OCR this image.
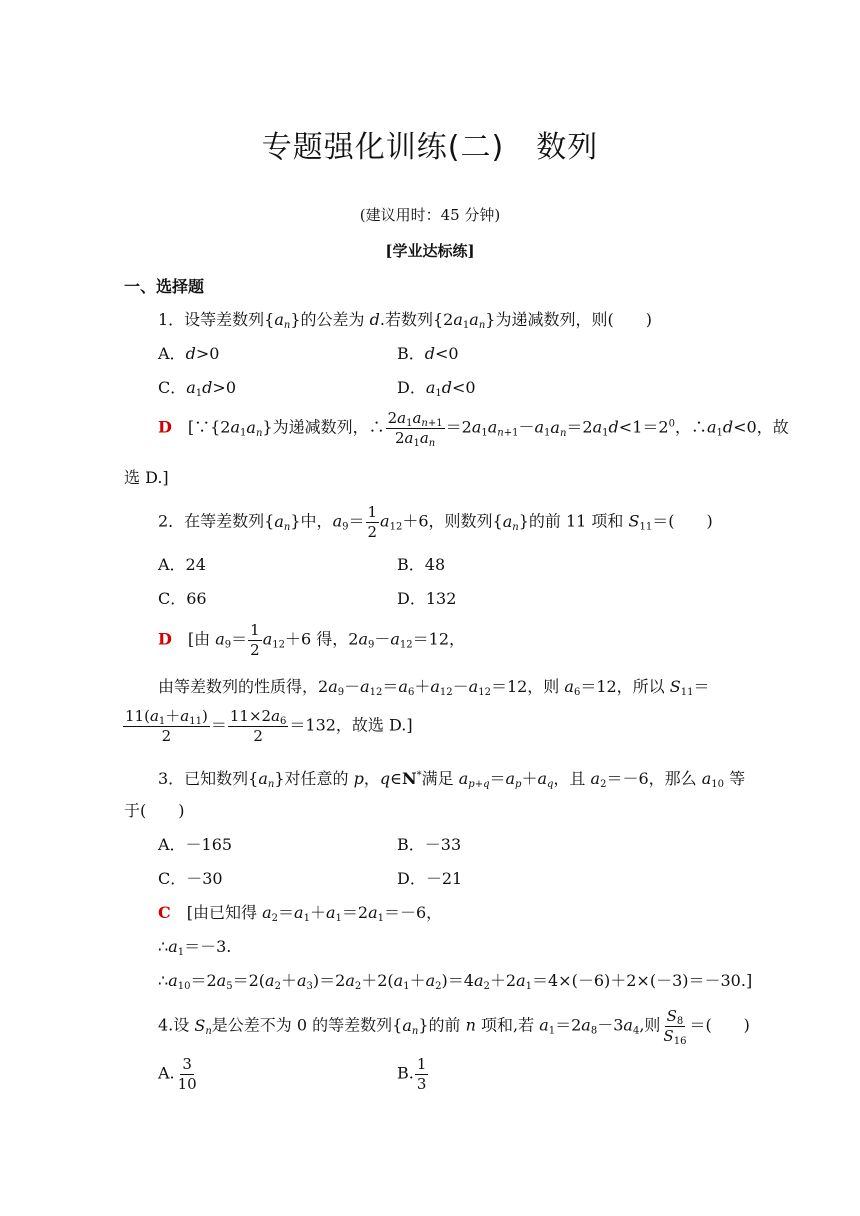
专题强化训练(二) 数列
(建议用时：45 分钟)
[学业达标练]
一、选择题
1．设等差数列$\{a_n\}$的公差为 d.若数列$\{2a_1a_n\}$为递减数列，则(　　)
A．d>0	B．d<0
C．$a_1d>0$	D．$a_1d<0$
D　[$\because\{2a_1a_n\}$为递减数列，∴ $\frac{2a_1a_{n+1}}{2a_1a_n} =2a_1a_{n+1}-a_1a_n=2a_1d<1=2^0$，$\therefore a_1d<0$，故
选 D.]
2．在等差数列$\{a_n\}$中，$a_9= \frac{1}{2} a_{12}+6$，则数列$\{a_n\}$的前 11 项和 $S_{11}=$(　　)
A．24	B．48
C．66	D．132
D　[由 $a_9= \frac{1}{2} a_{12}+6$ 得，$2a_9-a_{12}=12$，
由等差数列的性质得，$2a_9-a_{12}=a_6+a_{12}-a_{12}=12$，则 $a_6=12$，所以 $S_{11}=$
$\frac{11(a_1+a_{11})}{2} = \frac{11\times 2a_6}{2} =132$，故选 D.]
3．已知数列$\{a_n\}$对任意的 p，q∈N*满足 $a_{p+q}=a_p+a_q$，且 $a_2=-6$，那么 $a_{10}$ 等
于(　　)
A．－165	B．－33
C．－30	D．－21
C　[由已知得 $a_2=a_1+a_1=2a_1=-6$，
$\therefore a_1=-3$.
$\therefore a_{10}=2a_5=2(a_2+a_3)=2a_2+2(a_1+a_2)=4a_2+2a_1=4\times(-6)+2\times(-3)=-30$.]
4.设 $S_n$是公差不为 0 的等差数列$\{a_n\}$的前 n 项和,若 $a_1=2a_8-3a_4$,则 $\frac{S_8}{S_{16}}$ ＝(　　)
A. $\frac{3}{10}$	B. $\frac{1}{3}$
